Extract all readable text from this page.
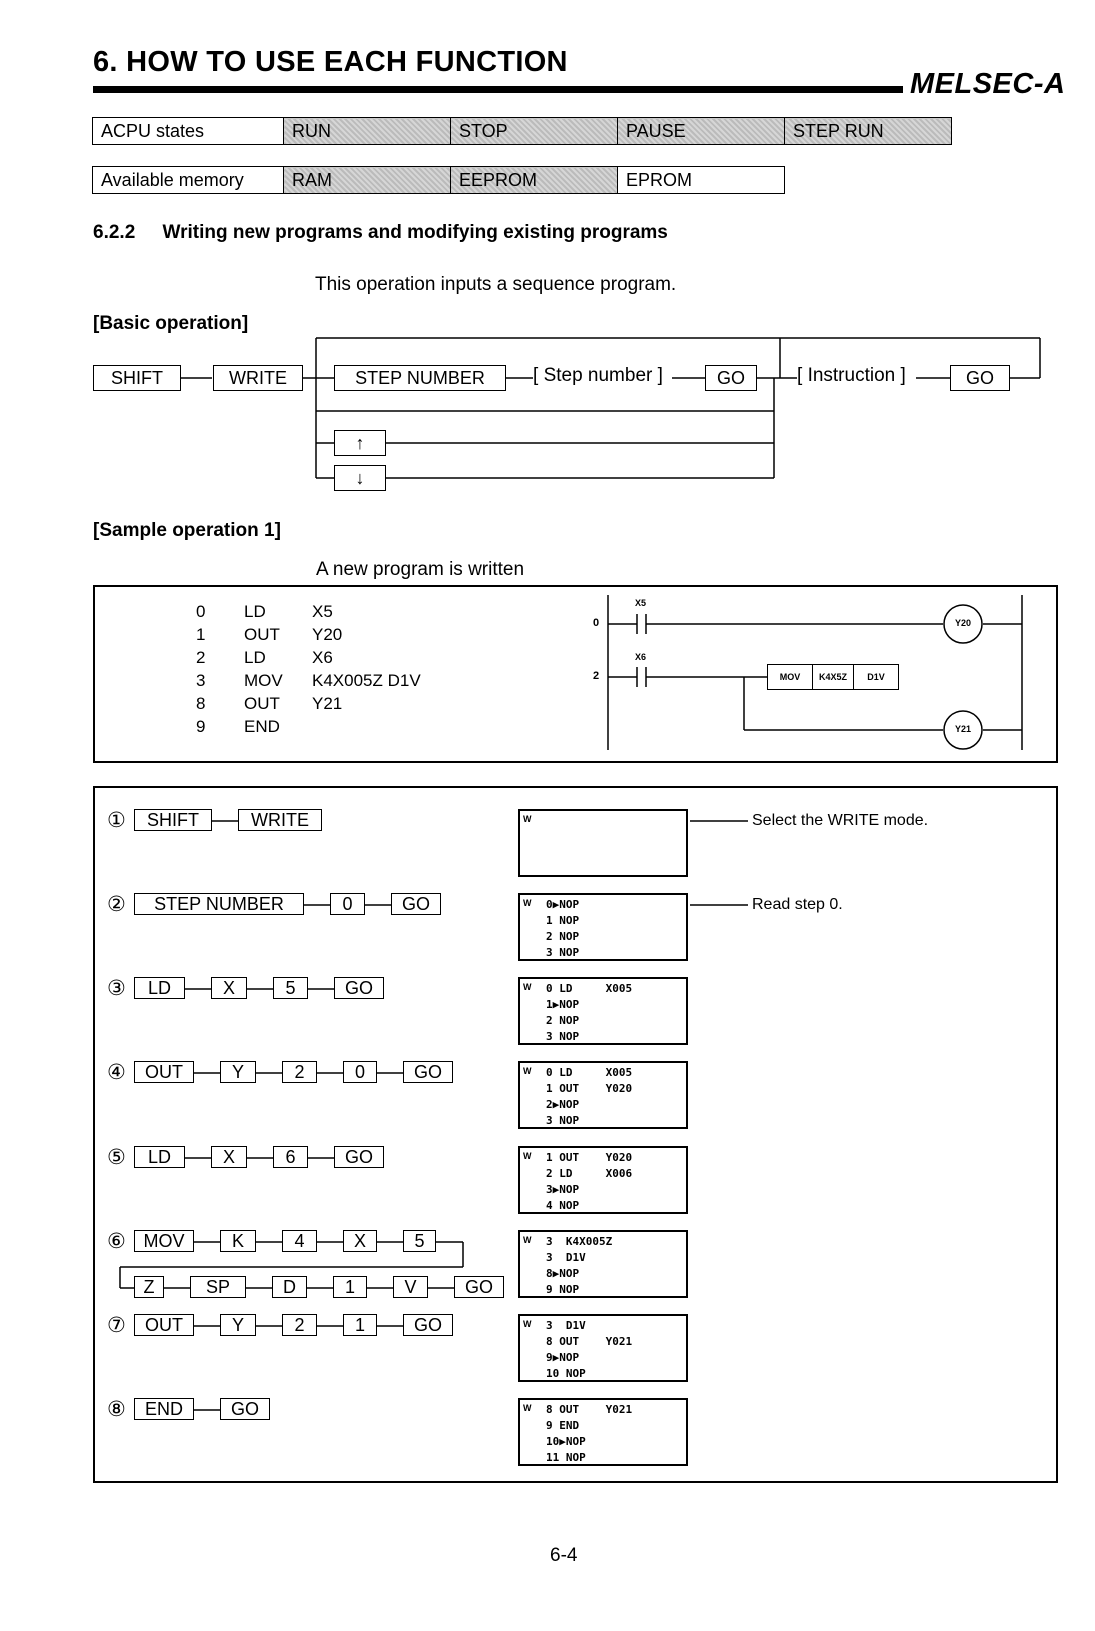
6. HOW TO USE EACH FUNCTION
MELSEC-A
ACPU states	RUN	STOP	PAUSE	STEP RUN
Available memory	RAM	EEPROM	EPROM
6.2.2 Writing new programs and modifying existing programs
This operation inputs a sequence program.
[Basic operation]
SHIFT	WRITE	STEP NUMBER	[ Step number ]	GO	[ Instruction ]	GO
↑
↓
[Sample operation 1]
A new program is written
0 LD	X5
1 OUT Y20
2 LD	X6
3 MOV K4X005Z D1V
8 OUT Y21
9 END
0
2
X5
X6
Y20
Y21
MOV	K4X5Z	D1V
①	SHIFT	WRITE	W	Select the WRITE mode.
②	STEP NUMBER	0	GO	W 0▶NOP
1 NOP
2 NOP
3 NOP
Read step 0.
③	LD	X	5	GO	W 0 LD     X005
1▶NOP
2 NOP
3 NOP
④	OUT	Y	2	0	GO	W 0 LD     X005
1 OUT    Y020
2▶NOP
3 NOP
⑤	LD	X	6	GO	W 1 OUT    Y020
2 LD     X006
3▶NOP
4 NOP
⑥ MOV	K	4	X	5
Z	SP	D	1	V	GO
W 3  K4X005Z
3  D1V
8▶NOP
9 NOP
⑦	OUT	Y	2	1	GO	W 3  D1V
8 OUT    Y021
9▶NOP
10 NOP
⑧	END	GO	W 8 OUT    Y021
9 END
10▶NOP
11 NOP
6-4
